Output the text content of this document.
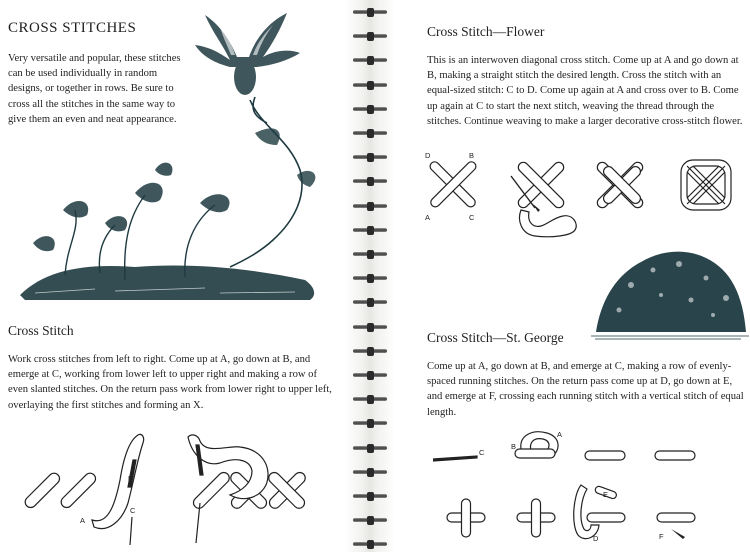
CROSS STITCHES

Very versatile and popular, these stitches can be used individually in random designs, or together in rows. Be sure to cross all the stitches in the same way to give them an even and neat appearance.

Cross Stitch

Work cross stitches from left to right. Come up at A, go down at B, and emerge at C, working from lower left to upper right and making a row of even slanted stitches. On the return pass work from lower right to upper left, overlaying the first stitches and forming an X.

B
A
C
Cross Stitch—Flower

This is an interwoven diagonal cross stitch. Come up at A and go down at B, making a straight stitch the desired length. Cross the stitch with an equal-sized stitch: C to D. Come up again at A and cross over to B. Come up again at C to start the next stitch, weaving the thread through the stitches. Continue weaving to make a larger decorative cross-stitch flower.

D	B
A	C
Cross Stitch—St. George

Come up at A, go down at B, and emerge at C, making a row of evenly-spaced running stitches. On the return pass come up at D, go down at E, and emerge at F, crossing each running stitch with a vertical stitch of equal length.

C
B
A
E
D	F
